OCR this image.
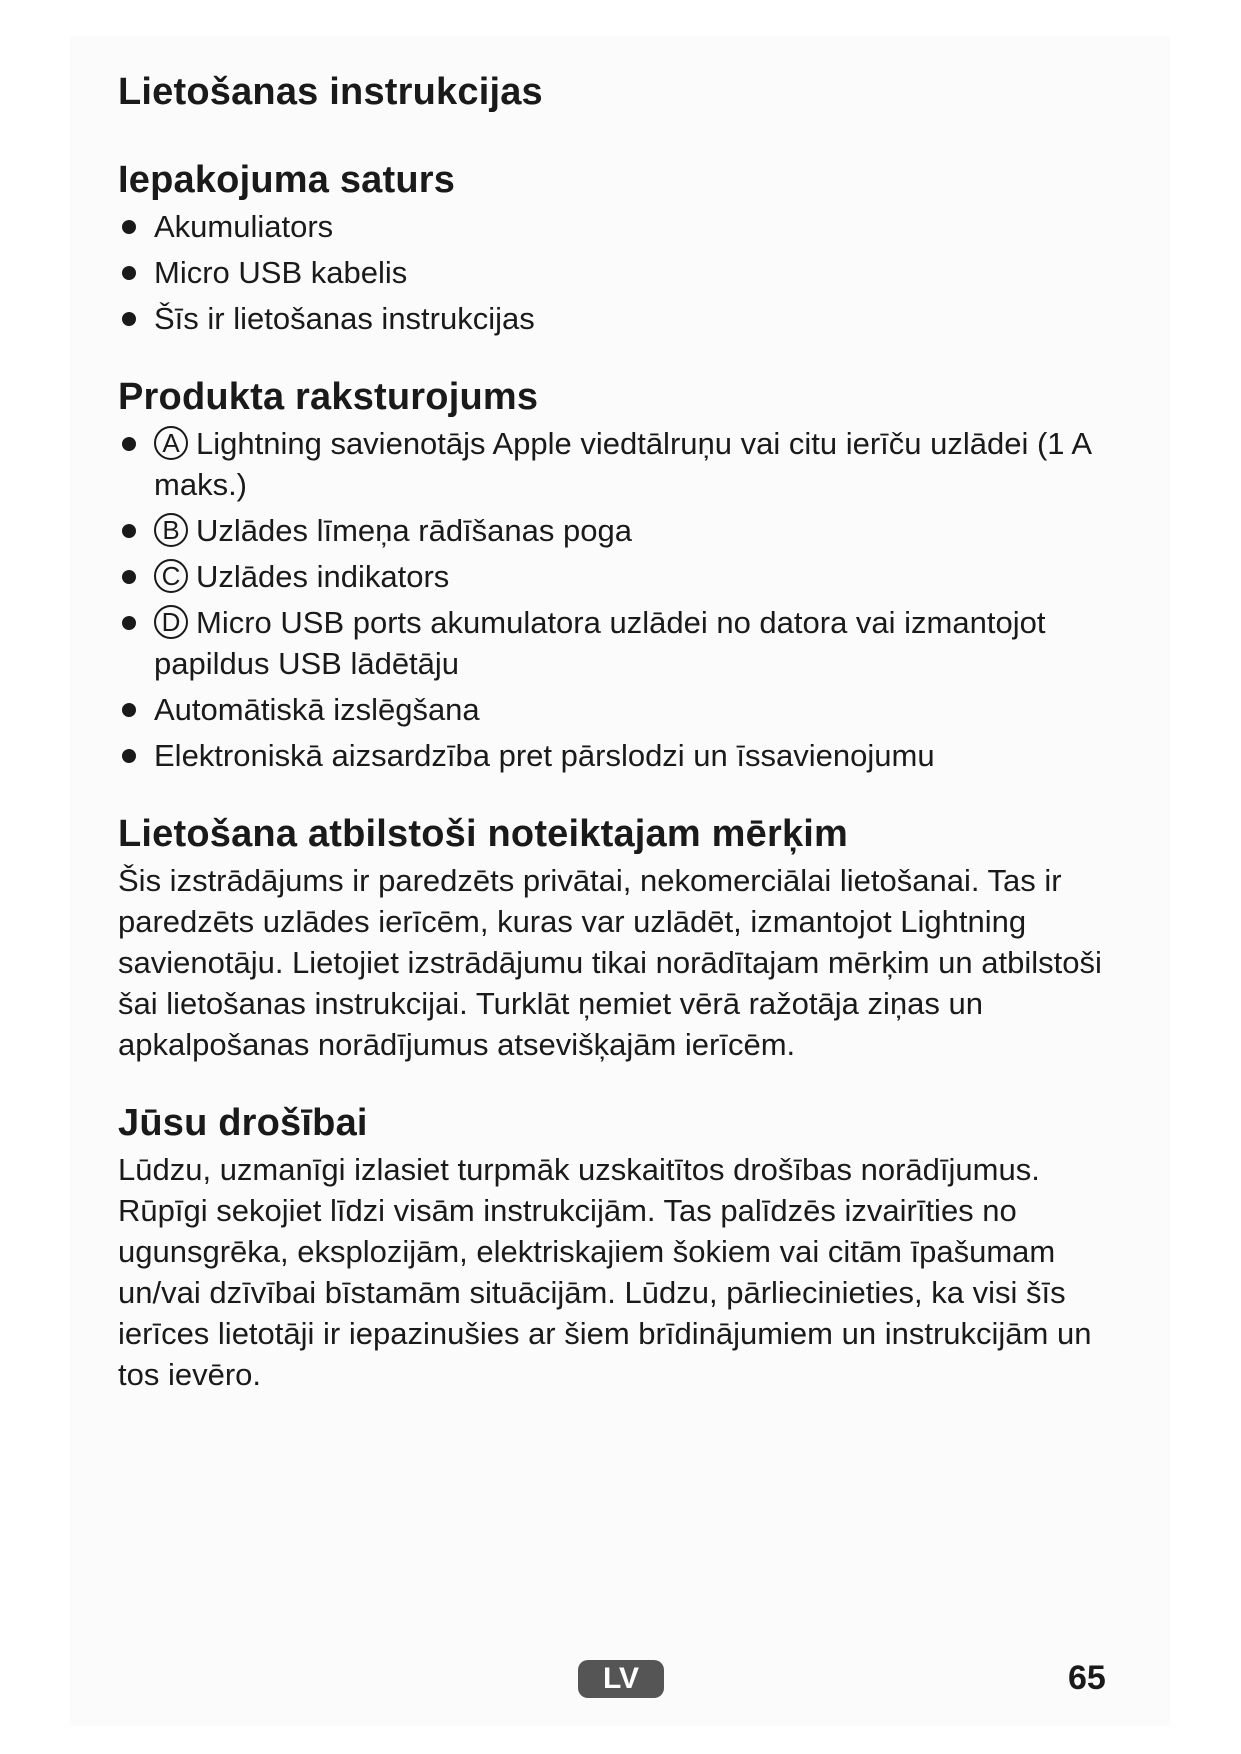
Lietošanas instrukcijas
Iepakojuma saturs
Akumuliators
Micro USB kabelis
Šīs ir lietošanas instrukcijas
Produkta raksturojums
A Lightning savienotājs Apple viedtālruņu vai citu ierīču uzlādei (1 A maks.)
B Uzlādes līmeņa rādīšanas poga
C Uzlādes indikators
D Micro USB ports akumulatora uzlādei no datora vai izmantojot papildus USB lādētāju
Automātiskā izslēgšana
Elektroniskā aizsardzība pret pārslodzi un īssavienojumu
Lietošana atbilstoši noteiktajam mērķim

Šis izstrādājums ir paredzēts privātai, nekomerciālai lietošanai. Tas ir paredzēts uzlādes ierīcēm, kuras var uzlādēt, izmantojot Lightning savienotāju. Lietojiet izstrādājumu tikai norādītajam mērķim un atbilstoši šai lietošanas instrukcijai. Turklāt ņemiet vērā ražotāja ziņas un apkalpošanas norādījumus atsevišķajām ierīcēm.

Jūsu drošībai

Lūdzu, uzmanīgi izlasiet turpmāk uzskaitītos drošības norādījumus. Rūpīgi sekojiet līdzi visām instrukcijām. Tas palīdzēs izvairīties no ugunsgrēka, eksplozijām, elektriskajiem šokiem vai citām īpašumam un/vai dzīvībai bīstamām situācijām. Lūdzu, pārliecinieties, ka visi šīs ierīces lietotāji ir iepazinušies ar šiem brīdinājumiem un instrukcijām un tos ievēro.

LV	65
